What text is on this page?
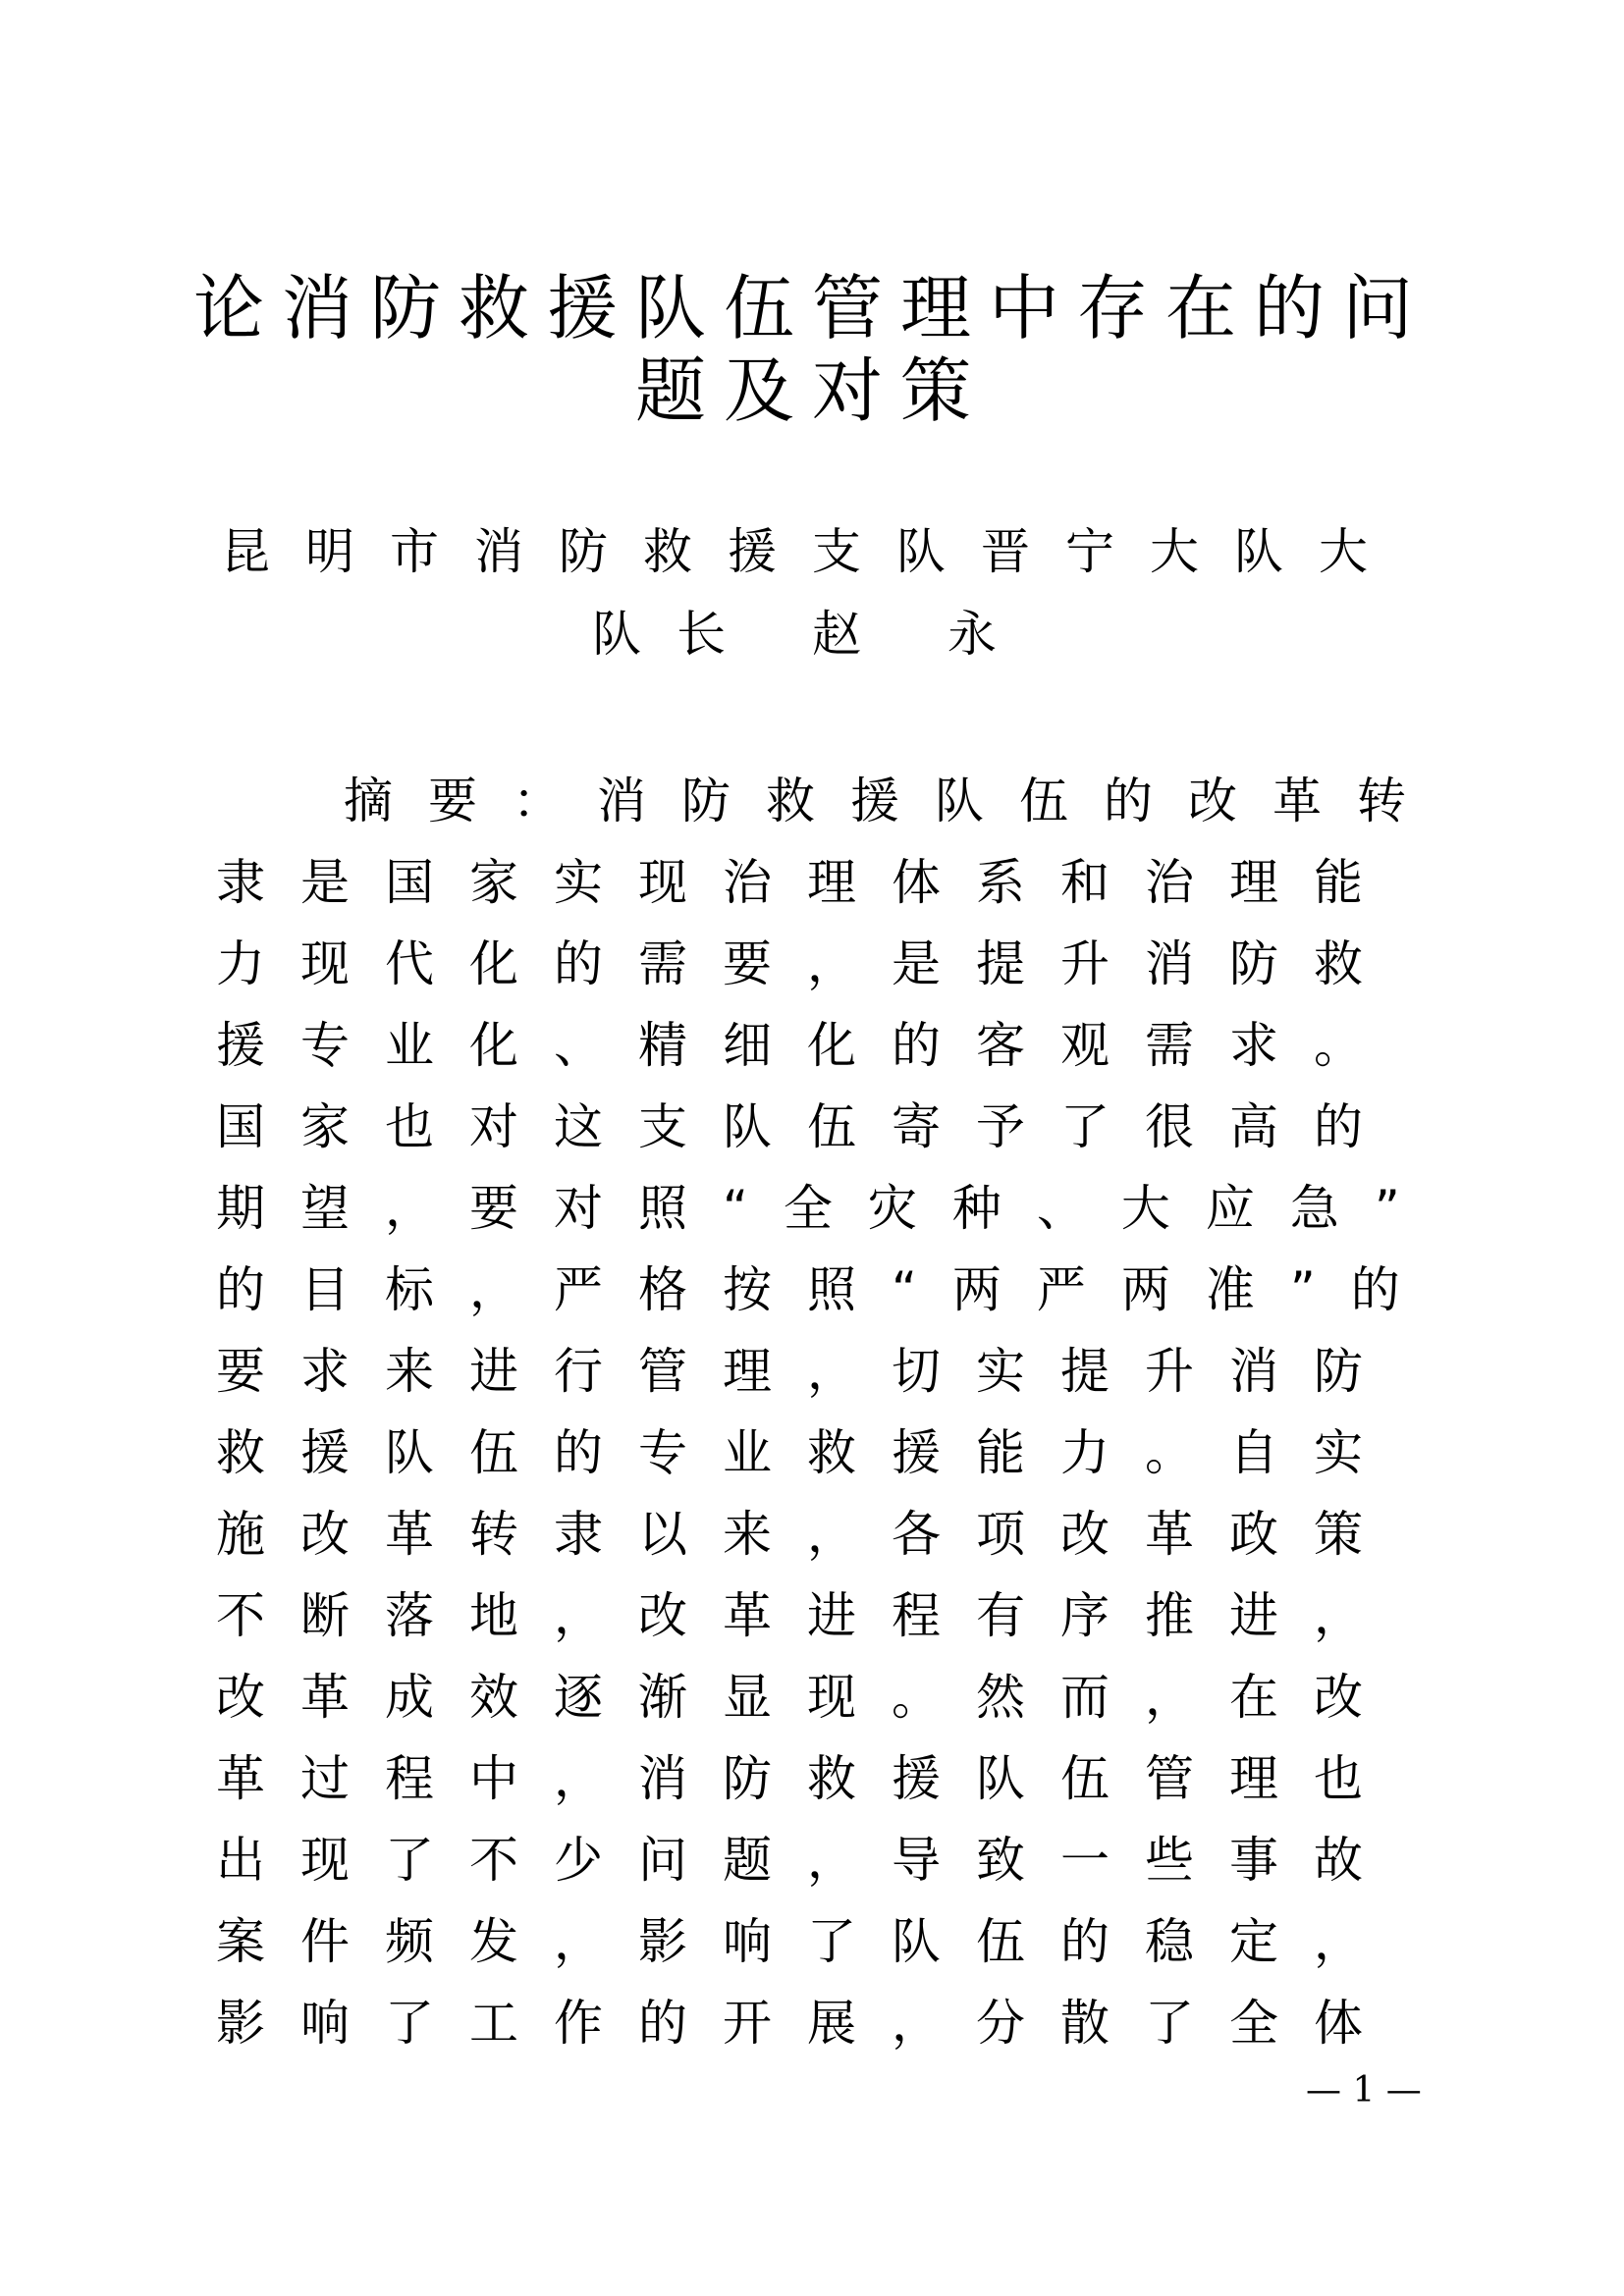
论消防救援队伍管理中存在的问
题及对策
昆明市消防救援支队晋宁大队大
队长 赵 永
摘要：消防救援队伍的改革转
隶是国家实现治理体系和治理能
力现代化的需要，是提升消防救
援专业化、精细化的客观需求。
国家也对这支队伍寄予了很高的
期望，要对照“全灾种、大应急”
的目标，严格按照“两严两准”的
要求来进行管理，切实提升消防
救援队伍的专业救援能力。自实
施改革转隶以来，各项改革政策
不断落地，改革进程有序推进，
改革成效逐渐显现。然而，在改
革过程中，消防救援队伍管理也
出现了不少问题，导致一些事故
案件频发，影响了队伍的稳定，
影响了工作的开展，分散了全体
— 1 —
